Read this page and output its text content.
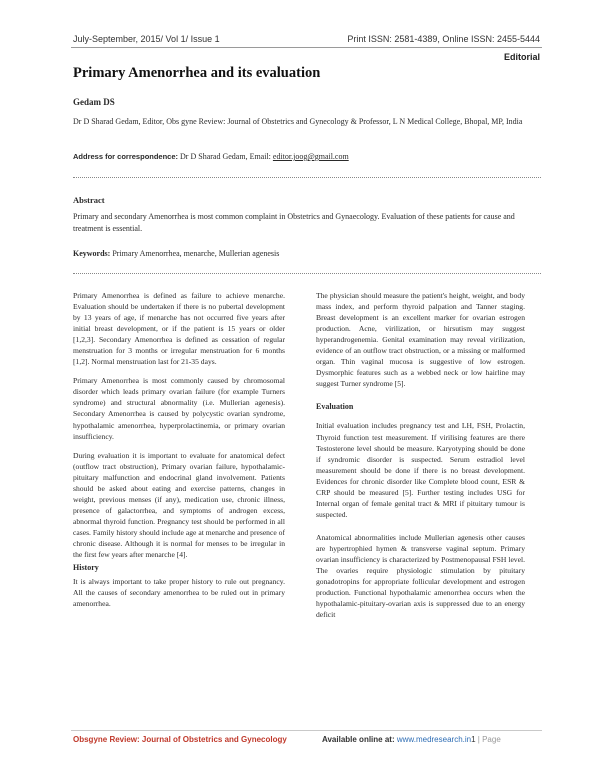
July-September, 2015/ Vol 1/ Issue 1	Print ISSN: 2581-4389, Online ISSN: 2455-5444
Editorial
Primary Amenorrhea and its evaluation
Gedam DS
Dr D Sharad Gedam, Editor, Obs gyne Review: Journal of Obstetrics and Gynecology & Professor, L N Medical College, Bhopal, MP, India
Address for correspondence: Dr D Sharad Gedam, Email: editor.joog@gmail.com
Abstract
Primary and secondary Amenorrhea is most common complaint in Obstetrics and Gynaecology. Evaluation of these patients for cause and treatment is essential.
Keywords: Primary Amenorrhea, menarche, Mullerian agenesis

Primary Amenorrhea is defined as failure to achieve menarche. Evaluation should be undertaken if there is no pubertal development by 13 years of age, if menarche has not occurred five years after initial breast development, or if the patient is 15 years or older [1,2,3]. Secondary Amenorrhea is defined as cessation of regular menstruation for 3 months or irregular menstruation for 6 months [1,2]. Normal menstruation last for 21-35 days.

Primary Amenorrhea is most commonly caused by chromosomal disorder which leads primary ovarian failure (for example Turners syndrome) and structural abnormality (i.e. Mullerian agenesis). Secondary Amenorrhea is caused by polycystic ovarian syndrome, hypothalamic amenorrhea, hyperprolactinemia, or primary ovarian insufficiency.

During evaluation it is important to evaluate for anatomical defect (outflow tract obstruction), Primary ovarian failure, hypothalamic- pituitary malfunction and endocrinal gland involvement. Patients should be asked about eating and exercise patterns, changes in weight, previous menses (if any), medication use, chronic illness, presence of galactorrhea, and symptoms of androgen excess, abnormal thyroid function. Pregnancy test should be performed in all cases. Family history should include age at menarche and presence of chronic disease. Although it is normal for menses to be irregular in the first few years after menarche [4].

History

It is always important to take proper history to rule out pregnancy. All the causes of secondary amenorrhea to be ruled out in primary amenorrhea.

The physician should measure the patient's height, weight, and body mass index, and perform thyroid palpation and Tanner staging. Breast development is an excellent marker for ovarian estrogen production. Acne, virilization, or hirsutism may suggest hyperandrogenemia. Genital examination may reveal virilization, evidence of an outflow tract obstruction, or a missing or malformed organ. Thin vaginal mucosa is suggestive of low estrogen. Dysmorphic features such as a webbed neck or low hairline may suggest Turner syndrome [5].

Evaluation

Initial evaluation includes pregnancy test and LH, FSH, Prolactin, Thyroid function test measurement. If virilising features are there Testosterone level should be measure. Karyotyping should be done if syndromic disorder is suspected. Serum estradiol level measurement should be done if there is no breast development. Evidences for chronic disorder like Complete blood count, ESR & CRP should be measured [5]. Further testing includes USG for Internal organ of female genital tract & MRI if pituitary tumour is suspected.

Anatomical abnormalities include Mullerian agenesis other causes are hypertrophied hymen & transverse vaginal septum. Primary ovarian insufficiency is characterized by Postmenopausal FSH level. The ovaries require physiologic stimulation by pituitary gonadotropins for appropriate follicular development and estrogen production. Functional hypothalamic amenorrhea occurs when the hypothalamic-pituitary-ovarian axis is suppressed due to an energy deficit

Obsgyne Review: Journal of Obstetrics and Gynecology	Available online at: www.medresearch.in1 | Page
